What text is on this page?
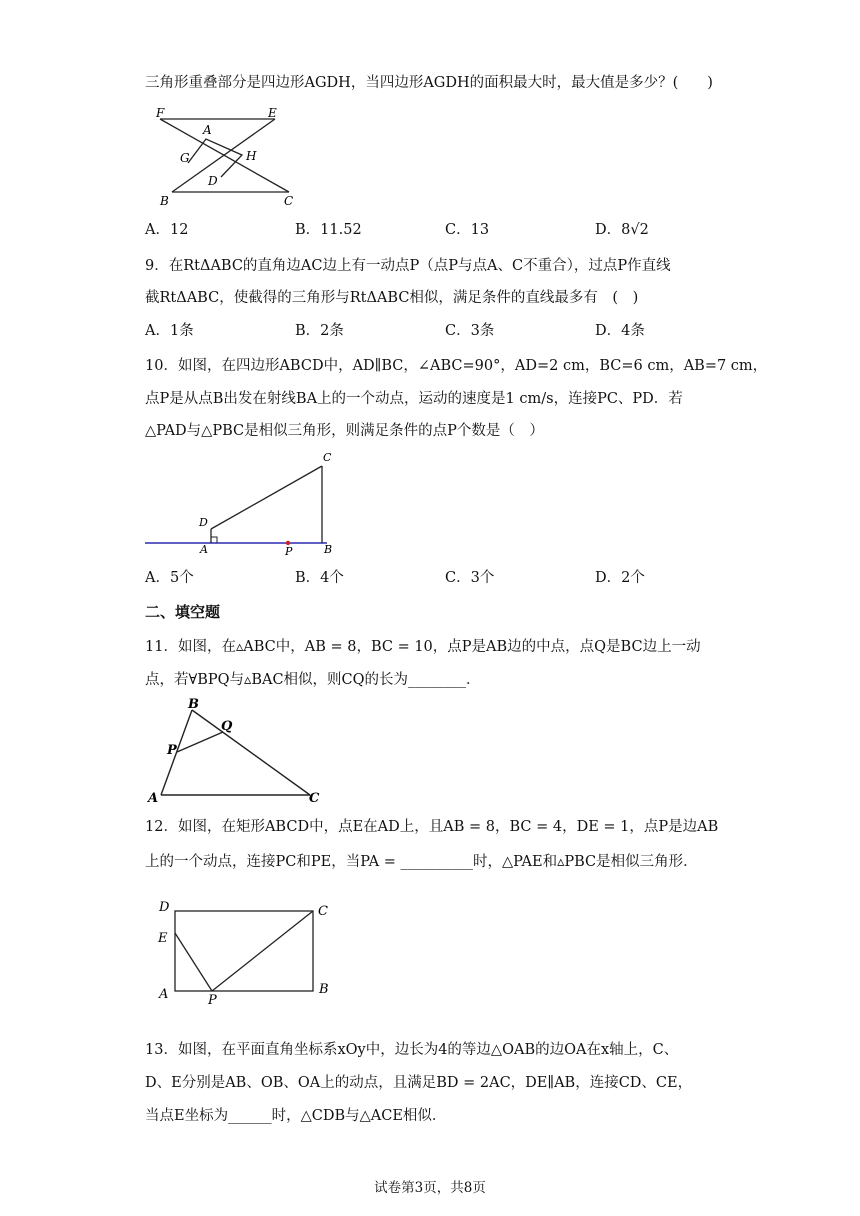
三角形重叠部分是四边形AGDH，当四边形AGDH的面积最大时，最大值是多少？(　　)
F	E
A
G	H
D
B	C
A．12	B．11.52	C．13	D．8√2
9．在RtΔABC的直角边AC边上有一动点P（点P与点A、C不重合），过点P作直线
截RtΔABC，使截得的三角形与RtΔABC相似，满足条件的直线最多有　(　)
A．1条	B．2条	C．3条	D．4条
10．如图，在四边形ABCD中，AD∥BC，∠ABC=90°，AD=2 cm，BC=6 cm，AB=7 cm，
点P是从点B出发在射线BA上的一个动点，运动的速度是1 cm/s，连接PC、PD．若
△PAD与△PBC是相似三角形，则满足条件的点P个数是（　）
C
D
A	P	B
A．5个	B．4个	C．3个	D．2个
二、填空题
11．如图，在▵ABC中，AB = 8，BC = 10，点P是AB边的中点，点Q是BC边上一动
点，若∀BPQ与▵BAC相似，则CQ的长为________．
B
Q
P
A	C
12．如图，在矩形ABCD中，点E在AD上，且AB = 8，BC = 4，DE = 1，点P是边AB
上的一个动点，连接PC和PE，当PA = __________时，△PAE和▵PBC是相似三角形．
D	C
E
A	P
B
13．如图，在平面直角坐标系xOy中，边长为4的等边△OAB的边OA在x轴上，C、
D、E分别是AB、OB、OA上的动点，且满足BD = 2AC，DE∥AB，连接CD、CE，
当点E坐标为______时，△CDB与△ACE相似．
试卷第3页，共8页
